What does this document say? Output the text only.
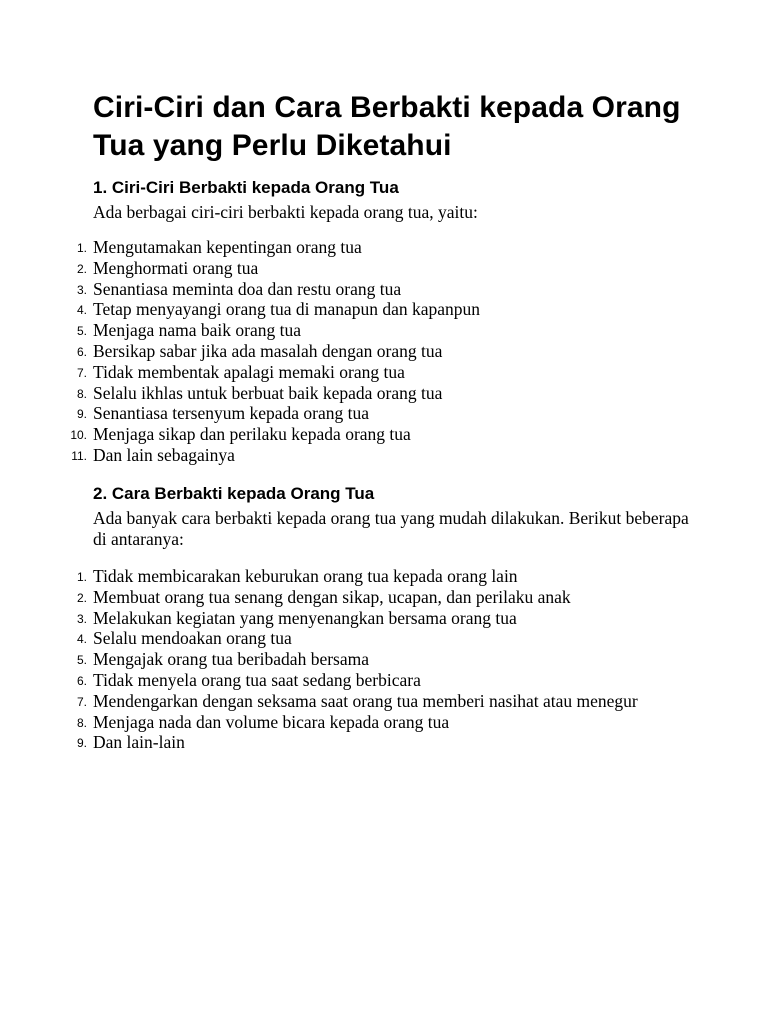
Ciri-Ciri dan Cara Berbakti kepada Orang Tua yang Perlu Diketahui
1. Ciri-Ciri Berbakti kepada Orang Tua

Ada berbagai ciri-ciri berbakti kepada orang tua, yaitu:

1. Mengutamakan kepentingan orang tua
2. Menghormati orang tua
3. Senantiasa meminta doa dan restu orang tua
4. Tetap menyayangi orang tua di manapun dan kapanpun
5. Menjaga nama baik orang tua
6. Bersikap sabar jika ada masalah dengan orang tua
7. Tidak membentak apalagi memaki orang tua
8. Selalu ikhlas untuk berbuat baik kepada orang tua
9. Senantiasa tersenyum kepada orang tua
10. Menjaga sikap dan perilaku kepada orang tua
11. Dan lain sebagainya
2. Cara Berbakti kepada Orang Tua

Ada banyak cara berbakti kepada orang tua yang mudah dilakukan. Berikut beberapa di antaranya:

1. Tidak membicarakan keburukan orang tua kepada orang lain
2. Membuat orang tua senang dengan sikap, ucapan, dan perilaku anak
3. Melakukan kegiatan yang menyenangkan bersama orang tua
4. Selalu mendoakan orang tua
5. Mengajak orang tua beribadah bersama
6. Tidak menyela orang tua saat sedang berbicara
7. Mendengarkan dengan seksama saat orang tua memberi nasihat atau menegur
8. Menjaga nada dan volume bicara kepada orang tua
9. Dan lain-lain
